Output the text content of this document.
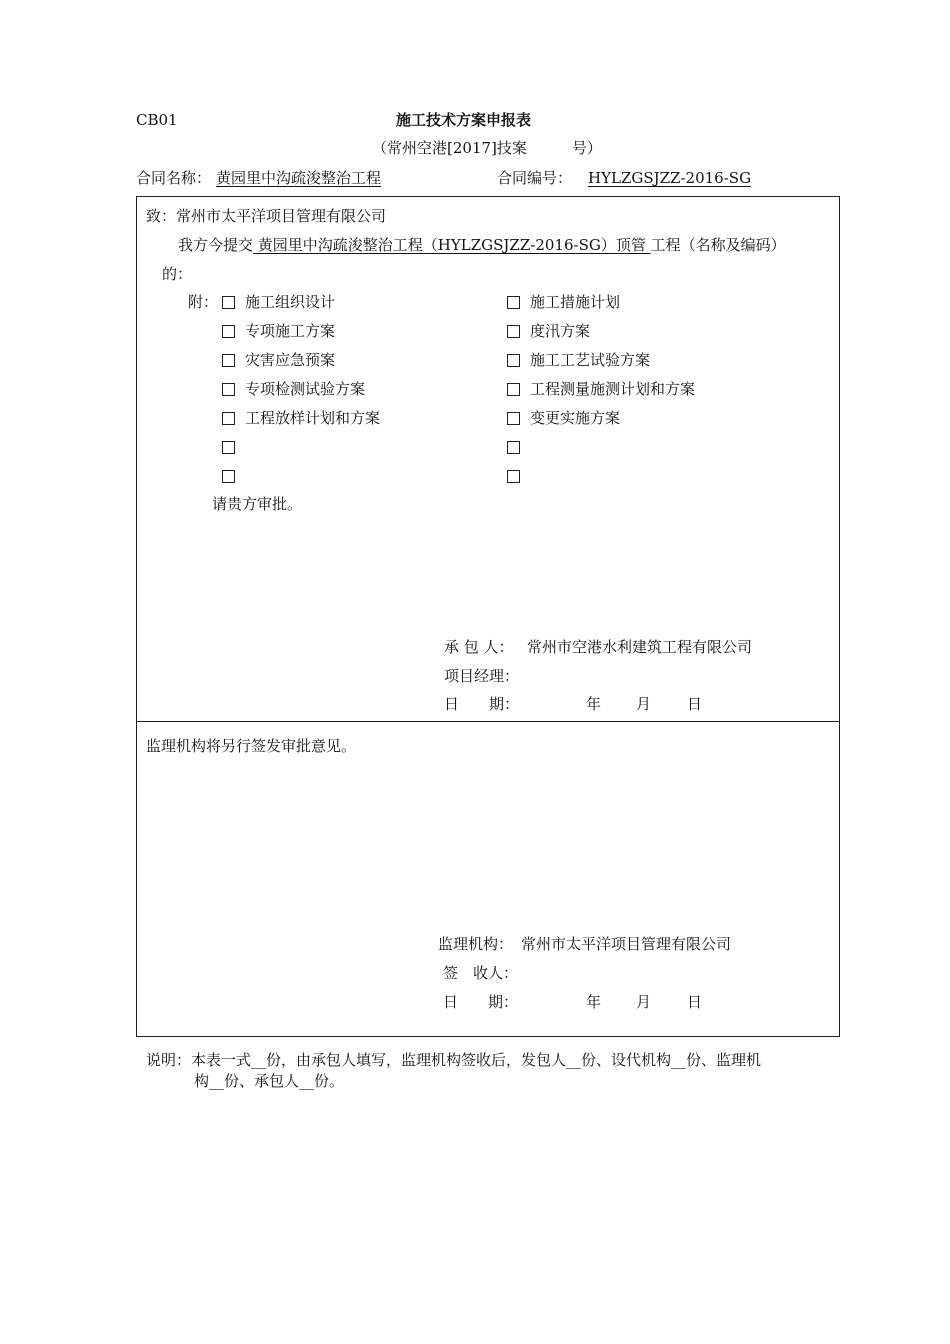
CB01	施工技术方案申报表
（常州空港[2017]技案　　　号）
合同名称： 黄园里中沟疏浚整治工程	合同编号： HYLZGSJZZ-2016-SG
致：常州市太平洋项目管理有限公司
我方今提交 黄园里中沟疏浚整治工程（HYLZGSJZZ-2016-SG）顶管 工程（名称及编码）
的：
附：	施工组织设计
专项施工方案
灾害应急预案
专项检测试验方案
工程放样计划和方案
施工措施计划
度汛方案
施工工艺试验方案
工程测量施测计划和方案
变更实施方案
请贵方审批。
承 包 人： 常州市空港水利建筑工程有限公司
项目经理：
日　　期：	年 月 日
监理机构将另行签发审批意见。
监理机构： 常州市太平洋项目管理有限公司
签　收人：
日　　期：	年 月 日
说明：本表一式__份，由承包人填写，监理机构签收后，发包人__份、设代机构__份、监理机
构__份、承包人__份。
